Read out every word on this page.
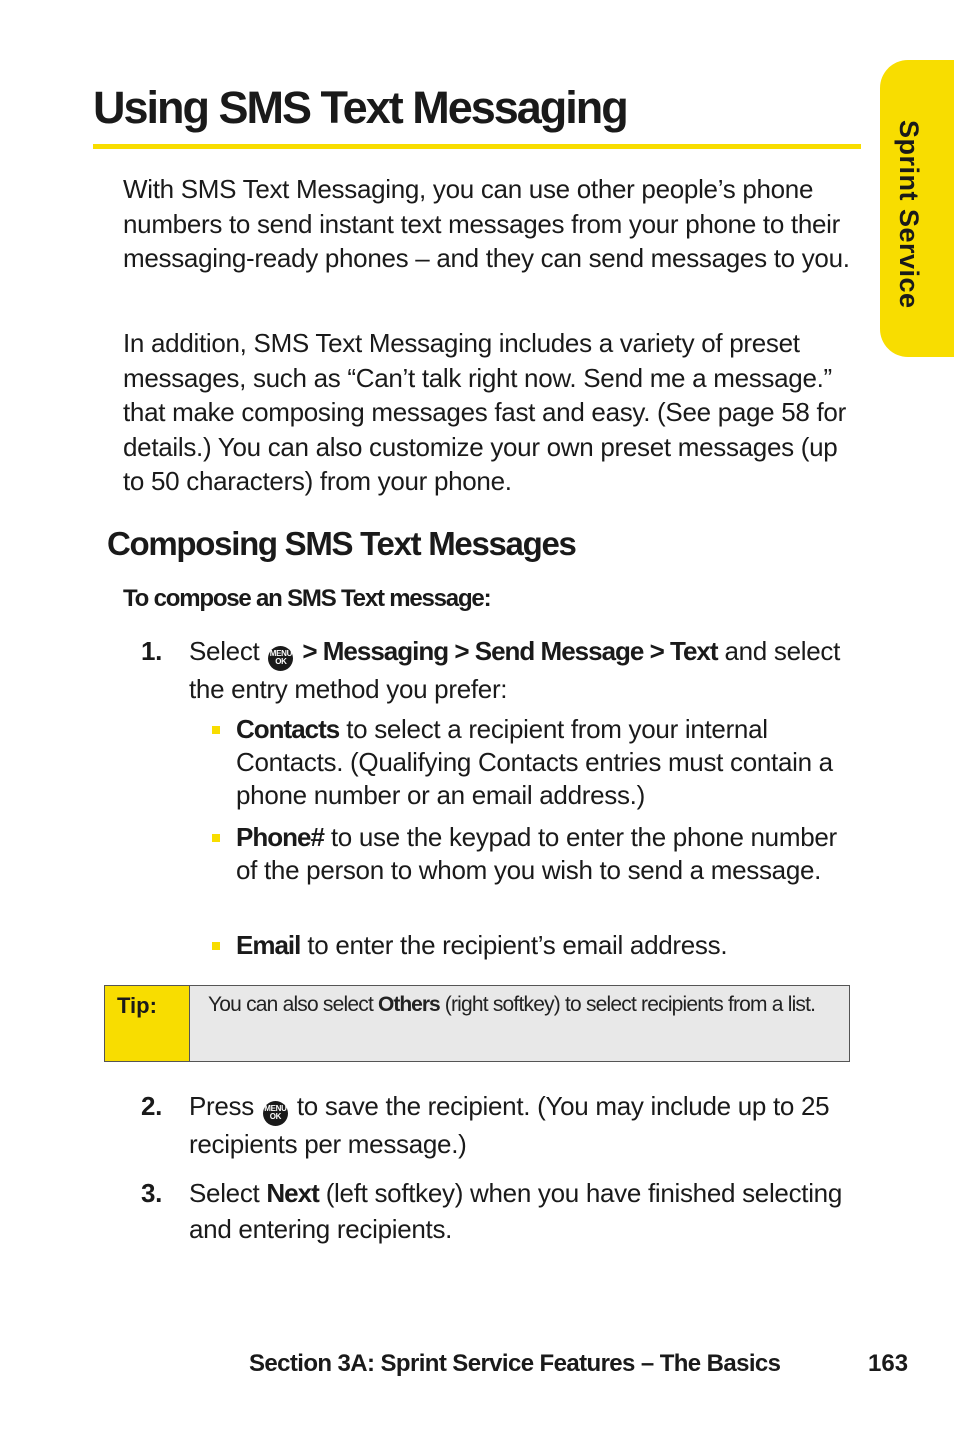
Using SMS Text Messaging
Sprint Service

With SMS Text Messaging, you can use other people’s phone numbers to send instant text messages from your phone to their messaging-ready phones – and they can send messages to you.

In addition, SMS Text Messaging includes a variety of preset messages, such as “Can’t talk right now. Send me a message.” that make composing messages fast and easy. (See page 58 for details.) You can also customize your own preset messages (up to 50 characters) from your phone.

Composing SMS Text Messages

To compose an SMS Text message:

1. Select MENU
OK > Messaging > Send Message > Text and select the entry method you prefer:
Contacts to select a recipient from your internal Contacts. (Qualifying Contacts entries must contain a phone number or an email address.)
Phone# to use the keypad to enter the phone number of the person to whom you wish to send a message.
Email to enter the recipient’s email address.
Tip:	You can also select Others (right softkey) to select recipients from a list.
2. Press MENU
OK to save the recipient. (You may include up to 25 recipients per message.)
3. Select Next (left softkey) when you have finished selecting and entering recipients.
Section 3A: Sprint Service Features – The Basics	163
